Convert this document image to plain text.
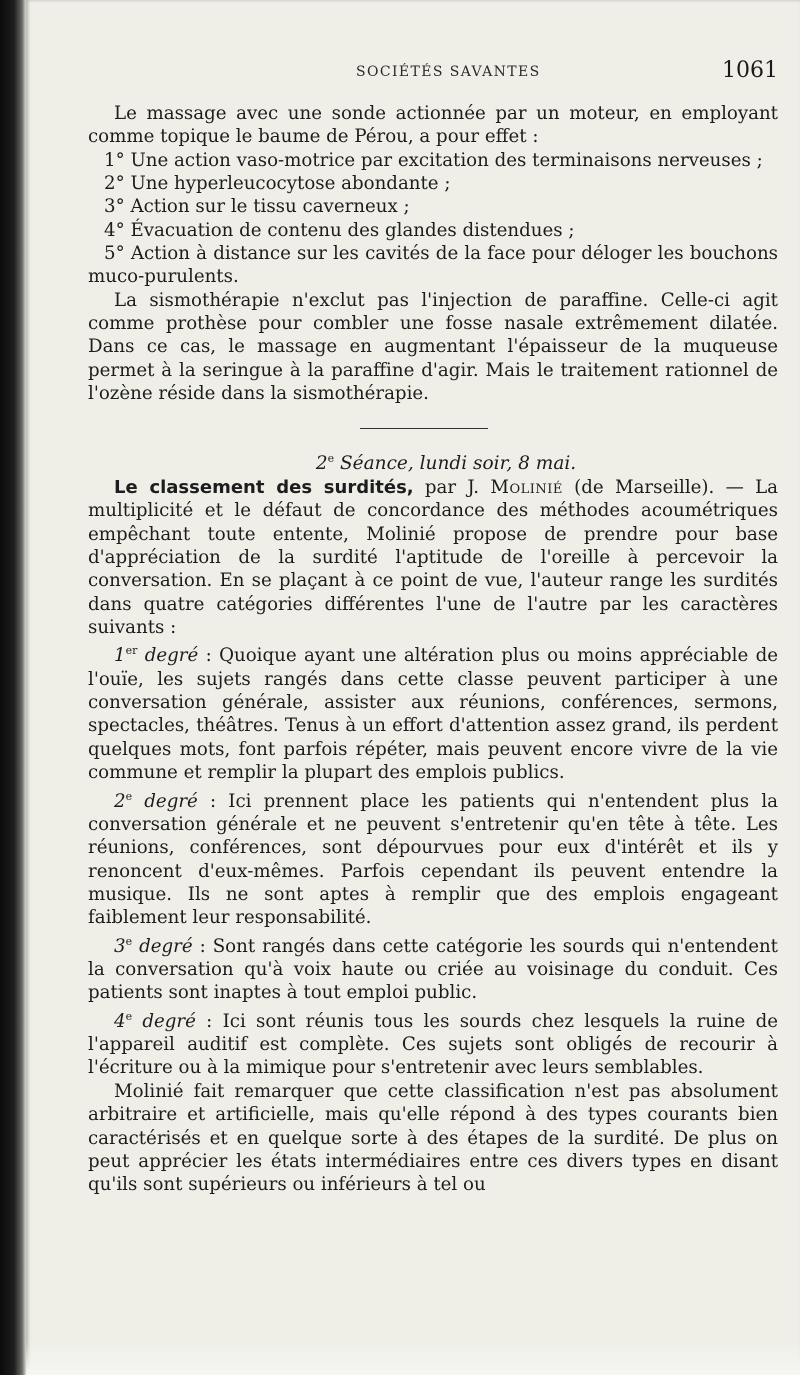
SOCIÉTÉS SAVANTES	1061

Le massage avec une sonde actionnée par un moteur, en employant comme topique le baume de Pérou, a pour effet :

1° Une action vaso-motrice par excitation des terminaisons nerveuses ;

2° Une hyperleucocytose abondante ;

3° Action sur le tissu caverneux ;

4° Évacuation de contenu des glandes distendues ;

5° Action à distance sur les cavités de la face pour déloger les bouchons muco-purulents.

La sismothérapie n'exclut pas l'injection de paraffine. Celle-ci agit comme prothèse pour combler une fosse nasale extrêmement dilatée. Dans ce cas, le massage en augmentant l'épaisseur de la muqueuse permet à la seringue à la paraffine d'agir. Mais le traitement rationnel de l'ozène réside dans la sismothérapie.

2e Séance, lundi soir, 8 mai.

Le classement des surdités, par J. Molinié (de Marseille). — La multiplicité et le défaut de concordance des méthodes acoumétriques empêchant toute entente, Molinié propose de prendre pour base d'appréciation de la surdité l'aptitude de l'oreille à percevoir la conversation. En se plaçant à ce point de vue, l'auteur range les surdités dans quatre catégories différentes l'une de l'autre par les caractères suivants :

1er degré : Quoique ayant une altération plus ou moins appréciable de l'ouïe, les sujets rangés dans cette classe peuvent participer à une conversation générale, assister aux réunions, conférences, sermons, spectacles, théâtres. Tenus à un effort d'attention assez grand, ils perdent quelques mots, font parfois répéter, mais peuvent encore vivre de la vie commune et remplir la plupart des emplois publics.

2e degré : Ici prennent place les patients qui n'entendent plus la conversation générale et ne peuvent s'entretenir qu'en tête à tête. Les réunions, conférences, sont dépourvues pour eux d'intérêt et ils y renoncent d'eux-mêmes. Parfois cependant ils peuvent entendre la musique. Ils ne sont aptes à remplir que des emplois engageant faiblement leur responsabilité.

3e degré : Sont rangés dans cette catégorie les sourds qui n'entendent la conversation qu'à voix haute ou criée au voisinage du conduit. Ces patients sont inaptes à tout emploi public.

4e degré : Ici sont réunis tous les sourds chez lesquels la ruine de l'appareil auditif est complète. Ces sujets sont obligés de recourir à l'écriture ou à la mimique pour s'entretenir avec leurs semblables.

Molinié fait remarquer que cette classification n'est pas absolument arbitraire et artificielle, mais qu'elle répond à des types courants bien caractérisés et en quelque sorte à des étapes de la surdité. De plus on peut apprécier les états intermédiaires entre ces divers types en disant qu'ils sont supérieurs ou inférieurs à tel ou
